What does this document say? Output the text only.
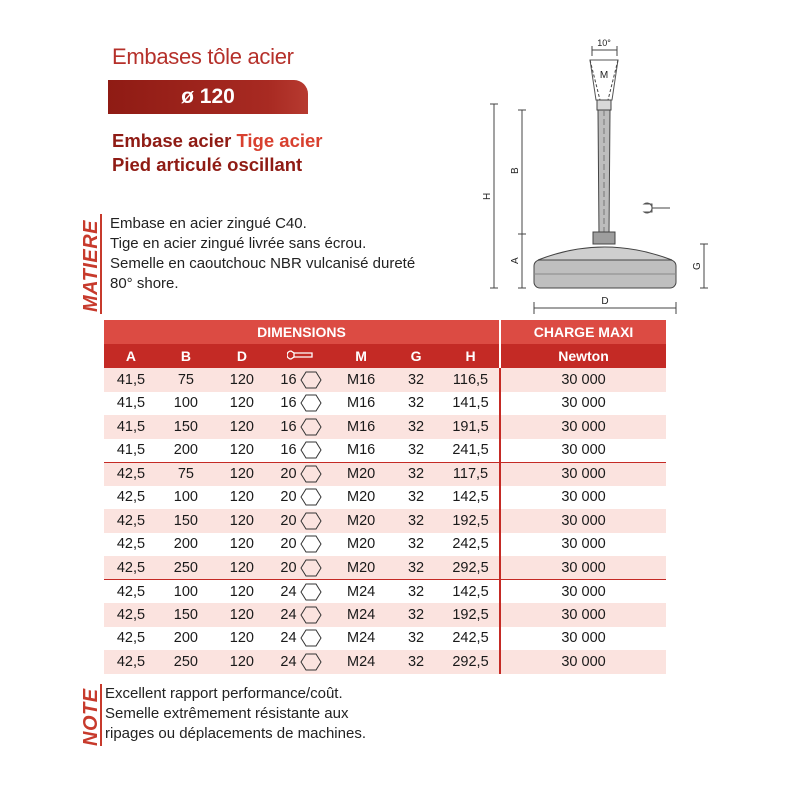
Embases tôle acier
ø 120
Embase acier Tige acier
Pied articulé oscillant
MATIERE Embase en acier zingué C40.
Tige en acier zingué livrée sans écrou.
Semelle en caoutchouc NBR vulcanisé dureté
80° shore.
10°
M
B
H
A
G
D
DIMENSIONS							CHARGE MAXI
A	B	D		M	G	H	Newton
41,5	75	120	16	M16	32	116,5	30 000
41,5	100	120	16	M16	32	141,5	30 000
41,5	150	120	16	M16	32	191,5	30 000
41,5	200	120	16	M16	32	241,5	30 000
42,5	75	120	20	M20	32	117,5	30 000
42,5	100	120	20	M20	32	142,5	30 000
42,5	150	120	20	M20	32	192,5	30 000
42,5	200	120	20	M20	32	242,5	30 000
42,5	250	120	20	M20	32	292,5	30 000
42,5	100	120	24	M24	32	142,5	30 000
42,5	150	120	24	M24	32	192,5	30 000
42,5	200	120	24	M24	32	242,5	30 000
42,5	250	120	24	M24	32	292,5	30 000
NOTE Excellent rapport performance/coût.
Semelle extrêmement résistante aux
ripages ou déplacements de machines.
